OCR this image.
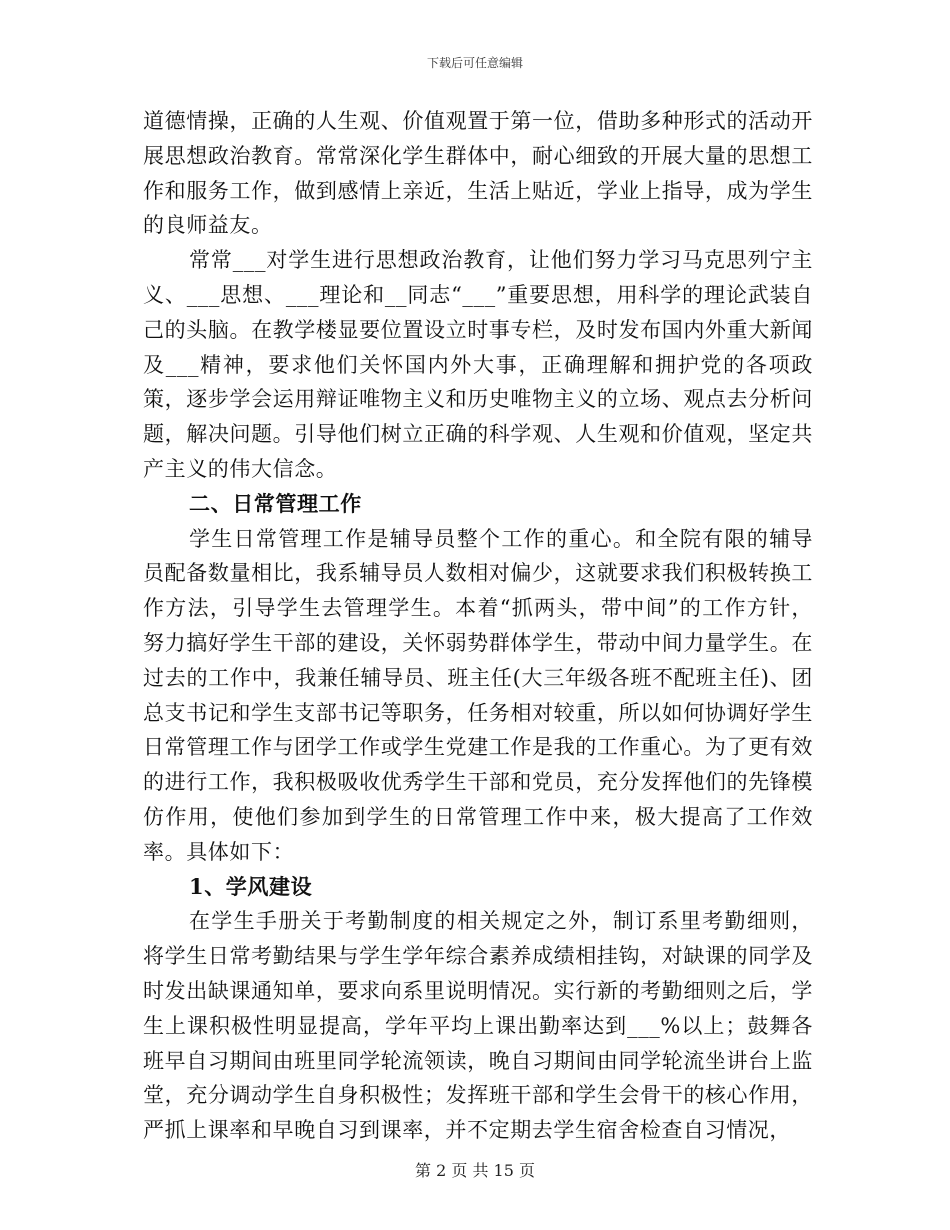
下载后可任意编辑

道德情操，正确的人生观、价值观置于第一位，借助多种形式的活动开展思想政治教育。常常深化学生群体中，耐心细致的开展大量的思想工作和服务工作，做到感情上亲近，生活上贴近，学业上指导，成为学生的良师益友。

常常___对学生进行思想政治教育，让他们努力学习马克思列宁主义、___思想、___理论和__同志“___”重要思想，用科学的理论武装自己的头脑。在教学楼显要位置设立时事专栏，及时发布国内外重大新闻及___精神，要求他们关怀国内外大事，正确理解和拥护党的各项政策，逐步学会运用辩证唯物主义和历史唯物主义的立场、观点去分析问题，解决问题。引导他们树立正确的科学观、人生观和价值观，坚定共产主义的伟大信念。

二、日常管理工作

学生日常管理工作是辅导员整个工作的重心。和全院有限的辅导员配备数量相比，我系辅导员人数相对偏少，这就要求我们积极转换工作方法，引导学生去管理学生。本着“抓两头，带中间”的工作方针，努力搞好学生干部的建设，关怀弱势群体学生，带动中间力量学生。在过去的工作中，我兼任辅导员、班主任(大三年级各班不配班主任)、团总支书记和学生支部书记等职务，任务相对较重，所以如何协调好学生日常管理工作与团学工作或学生党建工作是我的工作重心。为了更有效的进行工作，我积极吸收优秀学生干部和党员，充分发挥他们的先锋模仿作用，使他们参加到学生的日常管理工作中来，极大提高了工作效率。具体如下：

1、学风建设

在学生手册关于考勤制度的相关规定之外，制订系里考勤细则，将学生日常考勤结果与学生学年综合素养成绩相挂钩，对缺课的同学及时发出缺课通知单，要求向系里说明情况。实行新的考勤细则之后，学生上课积极性明显提高，学年平均上课出勤率达到___%以上；鼓舞各班早自习期间由班里同学轮流领读，晚自习期间由同学轮流坐讲台上监堂，充分调动学生自身积极性；发挥班干部和学生会骨干的核心作用，严抓上课率和早晚自习到课率，并不定期去学生宿舍检查自习情况，

第 2 页 共 15 页
